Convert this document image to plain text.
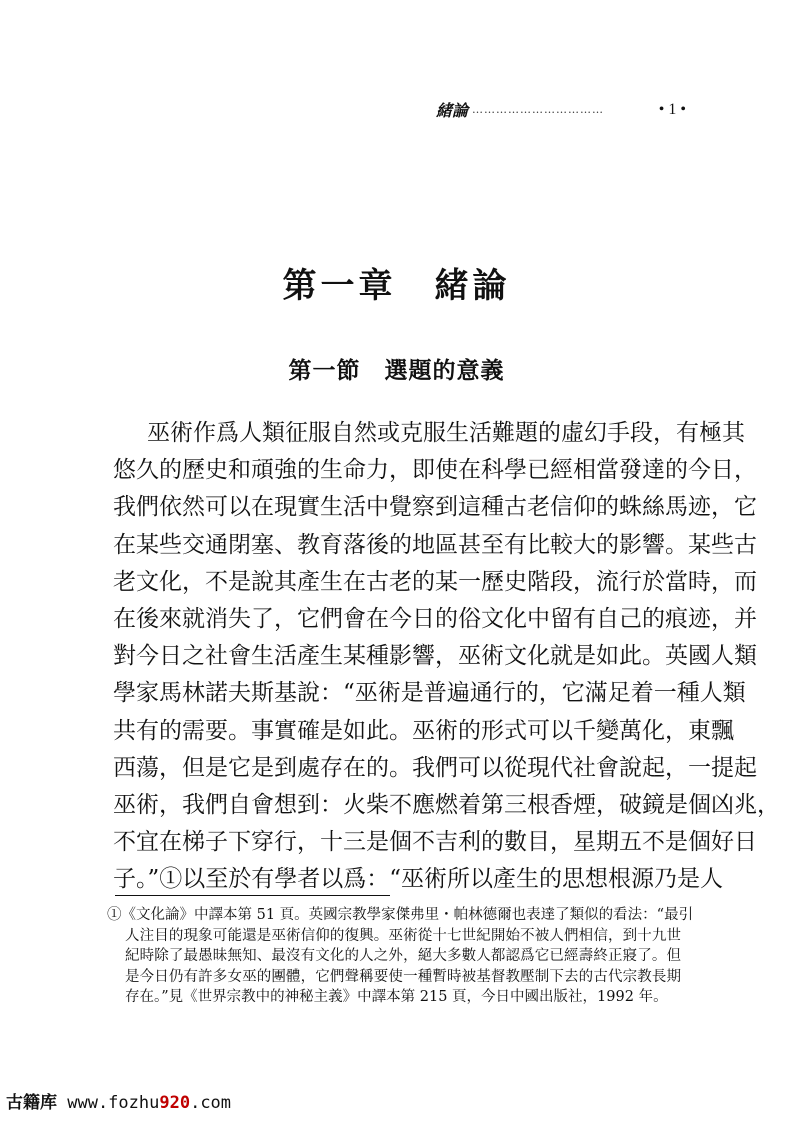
緒論 ……………………………	• 1 •
第一章　緒論
第一節　選題的意義
巫術作爲人類征服自然或克服生活難題的虛幻手段，有極其
悠久的歷史和頑強的生命力，即使在科學已經相當發達的今日，
我們依然可以在現實生活中覺察到這種古老信仰的蛛絲馬迹，它
在某些交通閉塞、教育落後的地區甚至有比較大的影響。某些古
老文化，不是說其產生在古老的某一歷史階段，流行於當時，而
在後來就消失了，它們會在今日的俗文化中留有自己的痕迹，并
對今日之社會生活產生某種影響，巫術文化就是如此。英國人類
學家馬林諾夫斯基說：“巫術是普遍通行的，它滿足着一種人類
共有的需要。事實確是如此。巫術的形式可以千變萬化，東飄
西蕩，但是它是到處存在的。我們可以從現代社會說起，一提起
巫術，我們自會想到：火柴不應燃着第三根香煙，破鏡是個凶兆，
不宜在梯子下穿行，十三是個不吉利的數目，星期五不是個好日
子。”①以至於有學者以爲：“巫術所以產生的思想根源乃是人
①《文化論》中譯本第 51 頁。英國宗教學家傑弗里・帕林德爾也表達了類似的看法：“最引
人注目的現象可能還是巫術信仰的復興。巫術從十七世紀開始不被人們相信，到十九世
紀時除了最愚昧無知、最沒有文化的人之外，絕大多數人都認爲它已經壽終正寢了。但
是今日仍有許多女巫的團體，它們聲稱要使一種暫時被基督教壓制下去的古代宗教長期
存在。”見《世界宗教中的神秘主義》中譯本第 215 頁，今日中國出版社，1992 年。
古籍库 www.fozhu920.com
